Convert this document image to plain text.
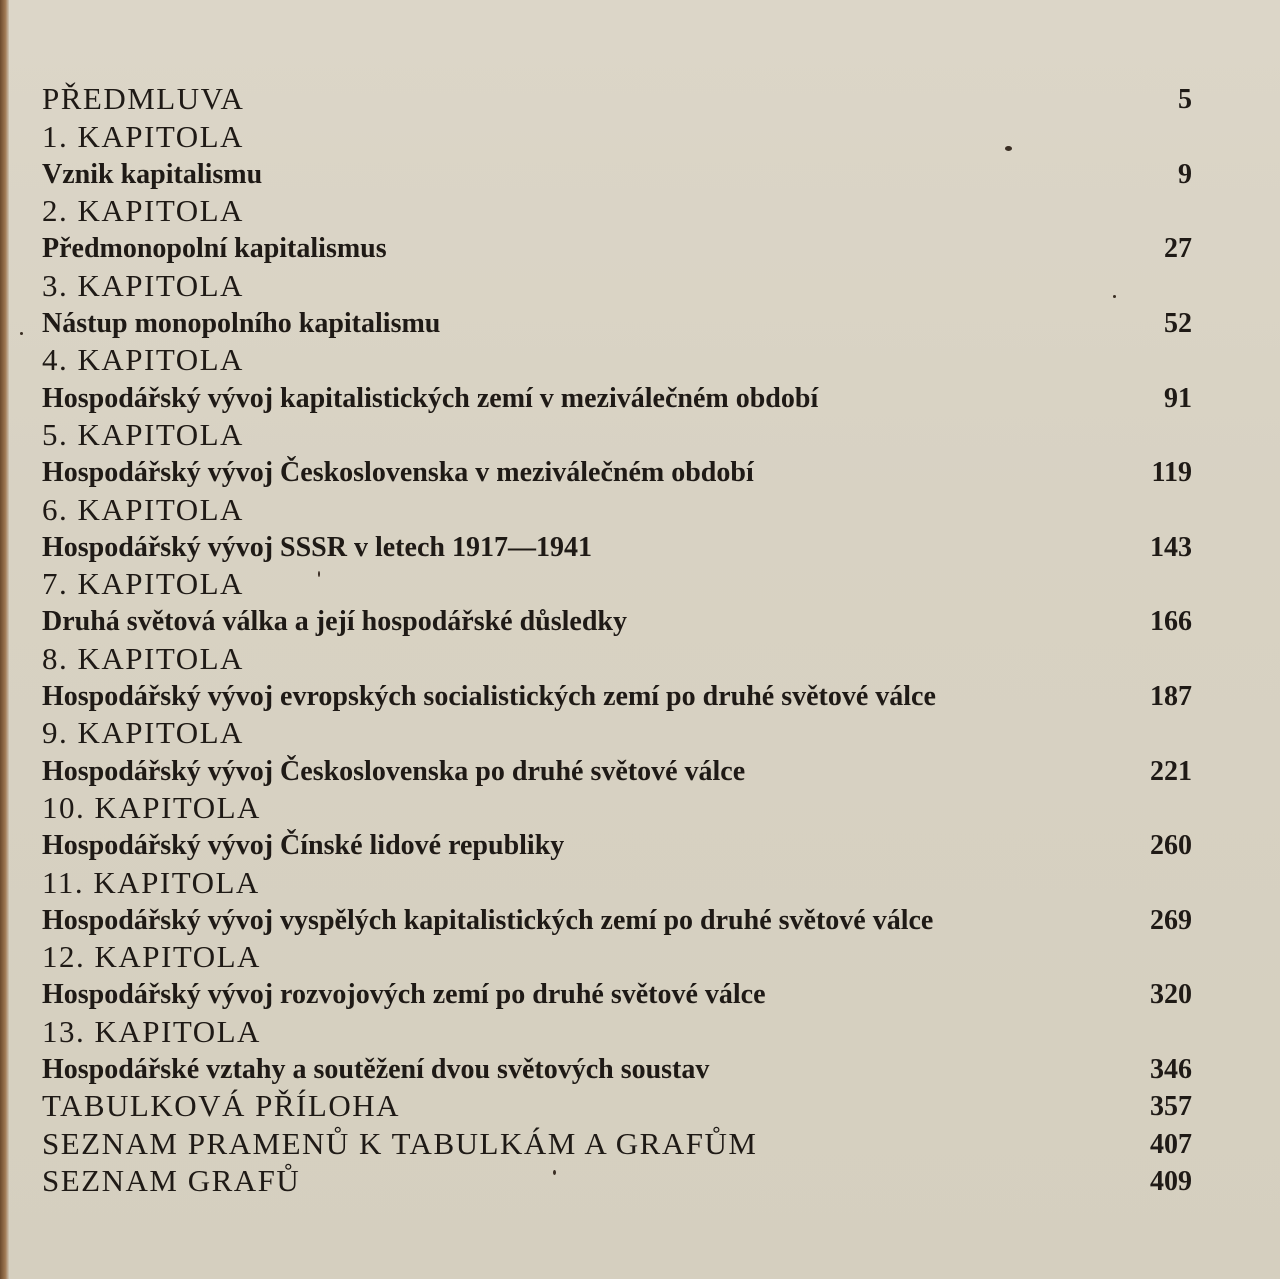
PŘEDMLUVA	5
1. KAPITOLA
Vznik kapitalismu	9
2. KAPITOLA
Předmonopolní kapitalismus	27
3. KAPITOLA
Nástup monopolního kapitalismu	52
4. KAPITOLA
Hospodářský vývoj kapitalistických zemí v meziválečném období	91
5. KAPITOLA
Hospodářský vývoj Československa v meziválečném období	119
6. KAPITOLA
Hospodářský vývoj SSSR v letech 1917—1941	143
7. KAPITOLA
Druhá světová válka a její hospodářské důsledky	166
8. KAPITOLA
Hospodářský vývoj evropských socialistických zemí po druhé světové válce	187
9. KAPITOLA
Hospodářský vývoj Československa po druhé světové válce	221
10. KAPITOLA
Hospodářský vývoj Čínské lidové republiky	260
11. KAPITOLA
Hospodářský vývoj vyspělých kapitalistických zemí po druhé světové válce	269
12. KAPITOLA
Hospodářský vývoj rozvojových zemí po druhé světové válce	320
13. KAPITOLA
Hospodářské vztahy a soutěžení dvou světových soustav	346
TABULKOVÁ PŘÍLOHA	357
SEZNAM PRAMENŮ K TABULKÁM A GRAFŮM	407
SEZNAM GRAFŮ	409
